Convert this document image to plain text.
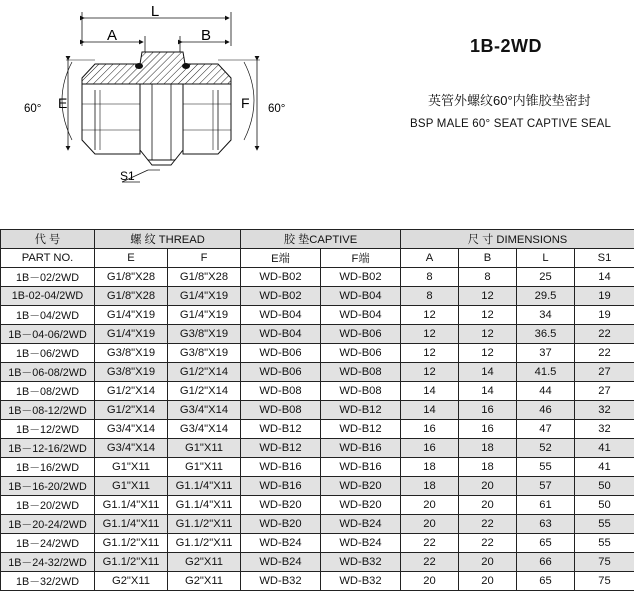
L
A	B
E
60°	F 60°
S1
1B-2WD
英管外螺纹60°内锥胶垫密封
BSP MALE 60° SEAT CAPTIVE SEAL
代 号	螺 纹 THREAD		胶 垫CAPTIVE		尺 寸 DIMENSIONS			
PART NO.	E	F	E端	F端	A	B	L	S1
1B－02/2WD	G1/8"X28	G1/8"X28	WD-B02	WD-B02	8	8	25	14
1B-02-04/2WD	G1/8"X28	G1/4"X19	WD-B02	WD-B04	8	12	29.5	19
1B－04/2WD	G1/4"X19	G1/4"X19	WD-B04	WD-B04	12	12	34	19
1B－04-06/2WD	G1/4"X19	G3/8"X19	WD-B04	WD-B06	12	12	36.5	22
1B－06/2WD	G3/8"X19	G3/8"X19	WD-B06	WD-B06	12	12	37	22
1B－06-08/2WD	G3/8"X19	G1/2"X14	WD-B06	WD-B08	12	14	41.5	27
1B－08/2WD	G1/2"X14	G1/2"X14	WD-B08	WD-B08	14	14	44	27
1B－08-12/2WD	G1/2"X14	G3/4"X14	WD-B08	WD-B12	14	16	46	32
1B－12/2WD	G3/4"X14	G3/4"X14	WD-B12	WD-B12	16	16	47	32
1B－12-16/2WD	G3/4"X14	G1"X11	WD-B12	WD-B16	16	18	52	41
1B－16/2WD	G1"X11	G1"X11	WD-B16	WD-B16	18	18	55	41
1B－16-20/2WD	G1"X11	G1.1/4"X11	WD-B16	WD-B20	18	20	57	50
1B－20/2WD	G1.1/4"X11	G1.1/4"X11	WD-B20	WD-B20	20	20	61	50
1B－20-24/2WD	G1.1/4"X11	G1.1/2"X11	WD-B20	WD-B24	20	22	63	55
1B－24/2WD	G1.1/2"X11	G1.1/2"X11	WD-B24	WD-B24	22	22	65	55
1B－24-32/2WD	G1.1/2"X11	G2"X11	WD-B24	WD-B32	22	20	66	75
1B－32/2WD	G2"X11	G2"X11	WD-B32	WD-B32	20	20	65	75
